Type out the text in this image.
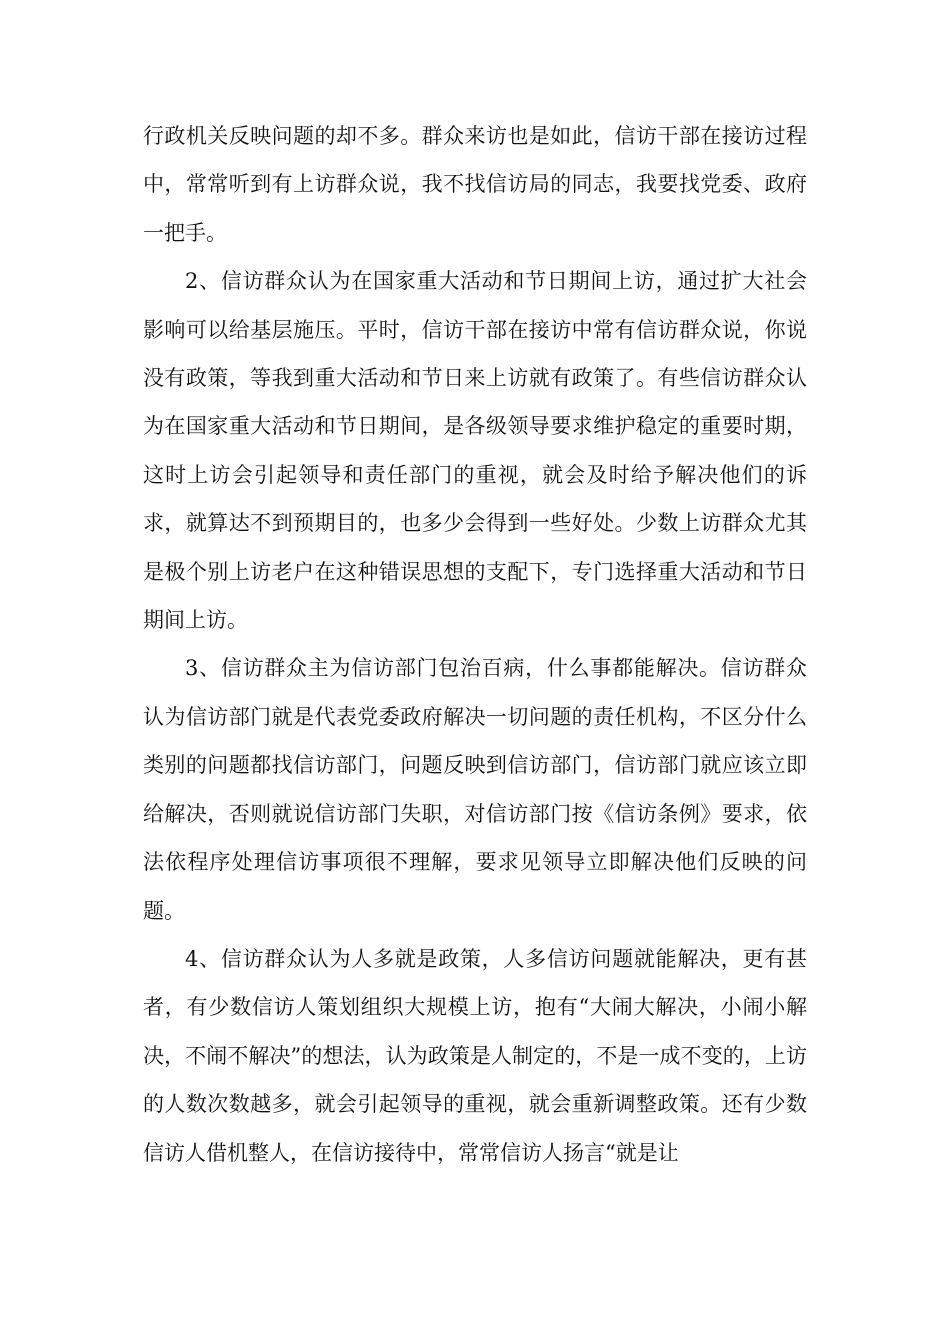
行政机关反映问题的却不多。群众来访也是如此，信访干部在接访过程中，常常听到有上访群众说，我不找信访局的同志，我要找党委、政府一把手。

2、信访群众认为在国家重大活动和节日期间上访，通过扩大社会影响可以给基层施压。平时，信访干部在接访中常有信访群众说，你说没有政策，等我到重大活动和节日来上访就有政策了。有些信访群众认为在国家重大活动和节日期间，是各级领导要求维护稳定的重要时期，这时上访会引起领导和责任部门的重视，就会及时给予解决他们的诉求，就算达不到预期目的，也多少会得到一些好处。少数上访群众尤其是极个别上访老户在这种错误思想的支配下，专门选择重大活动和节日期间上访。

3、信访群众主为信访部门包治百病，什么事都能解决。信访群众认为信访部门就是代表党委政府解决一切问题的责任机构，不区分什么类别的问题都找信访部门，问题反映到信访部门，信访部门就应该立即给解决，否则就说信访部门失职，对信访部门按《信访条例》要求，依法依程序处理信访事项很不理解，要求见领导立即解决他们反映的问题。

4、信访群众认为人多就是政策，人多信访问题就能解决，更有甚者，有少数信访人策划组织大规模上访，抱有“大闹大解决，小闹小解决，不闹不解决”的想法，认为政策是人制定的，不是一成不变的，上访的人数次数越多，就会引起领导的重视，就会重新调整政策。还有少数信访人借机整人，在信访接待中，常常信访人扬言“就是让
